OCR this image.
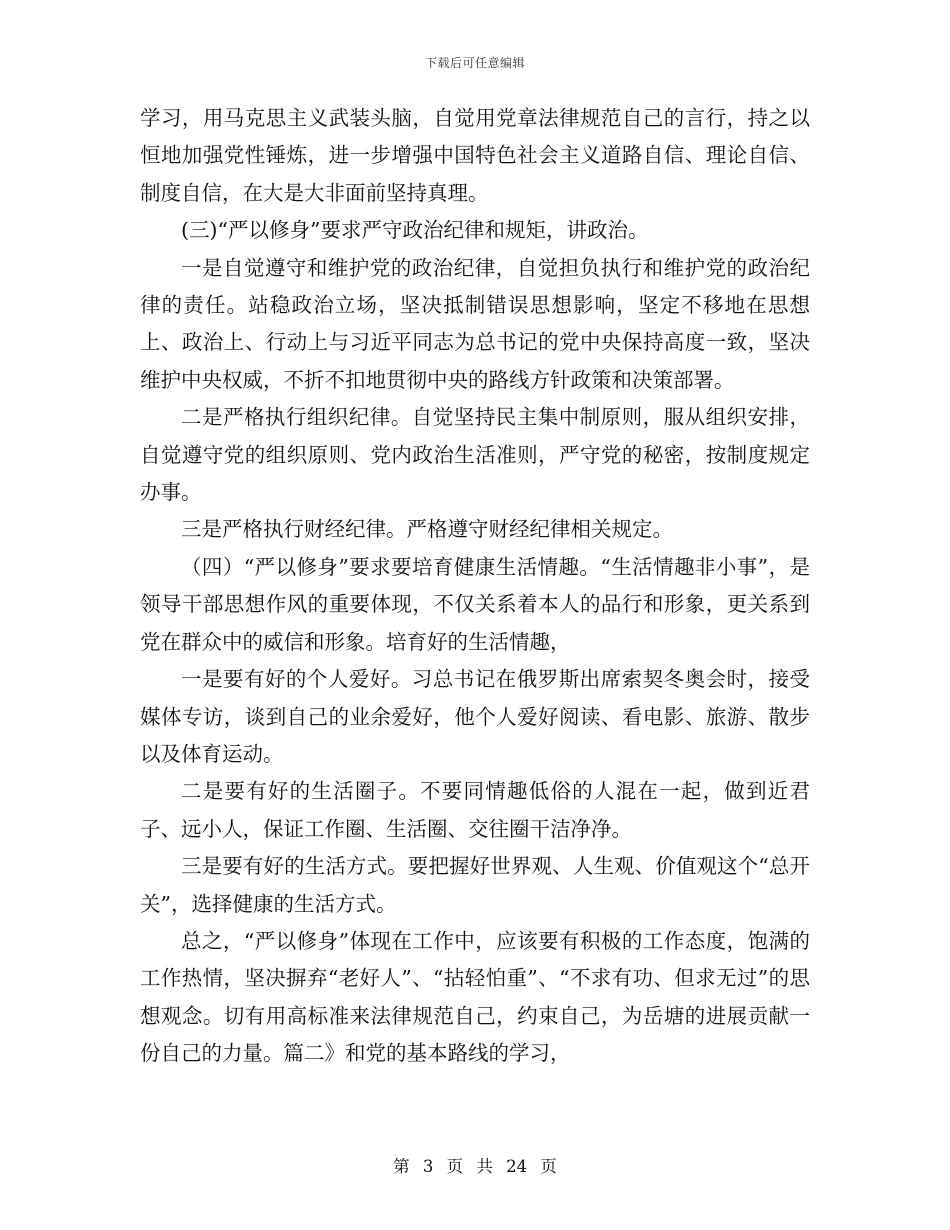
下载后可任意编辑

学习，用马克思主义武装头脑，自觉用党章法律规范自己的言行，持之以恒地加强党性锤炼，进一步增强中国特色社会主义道路自信、理论自信、制度自信，在大是大非面前坚持真理。

(三)“严以修身”要求严守政治纪律和规矩，讲政治。

一是自觉遵守和维护党的政治纪律，自觉担负执行和维护党的政治纪律的责任。站稳政治立场，坚决抵制错误思想影响，坚定不移地在思想上、政治上、行动上与习近平同志为总书记的党中央保持高度一致，坚决维护中央权威，不折不扣地贯彻中央的路线方针政策和决策部署。

二是严格执行组织纪律。自觉坚持民主集中制原则，服从组织安排，自觉遵守党的组织原则、党内政治生活准则，严守党的秘密，按制度规定办事。

三是严格执行财经纪律。严格遵守财经纪律相关规定。

（四）“严以修身”要求要培育健康生活情趣。“生活情趣非小事”，是领导干部思想作风的重要体现，不仅关系着本人的品行和形象，更关系到党在群众中的威信和形象。培育好的生活情趣，

一是要有好的个人爱好。习总书记在俄罗斯出席索契冬奥会时，接受媒体专访，谈到自己的业余爱好，他个人爱好阅读、看电影、旅游、散步以及体育运动。

二是要有好的生活圈子。不要同情趣低俗的人混在一起，做到近君子、远小人，保证工作圈、生活圈、交往圈干洁净净。

三是要有好的生活方式。要把握好世界观、人生观、价值观这个“总开关”，选择健康的生活方式。

总之，“严以修身”体现在工作中，应该要有积极的工作态度，饱满的工作热情，坚决摒弃“老好人”、“拈轻怕重”、“不求有功、但求无过”的思想观念。切有用高标准来法律规范自己，约束自己，为岳塘的进展贡献一份自己的力量。篇二》和党的基本路线的学习，

第 3 页 共 24 页
